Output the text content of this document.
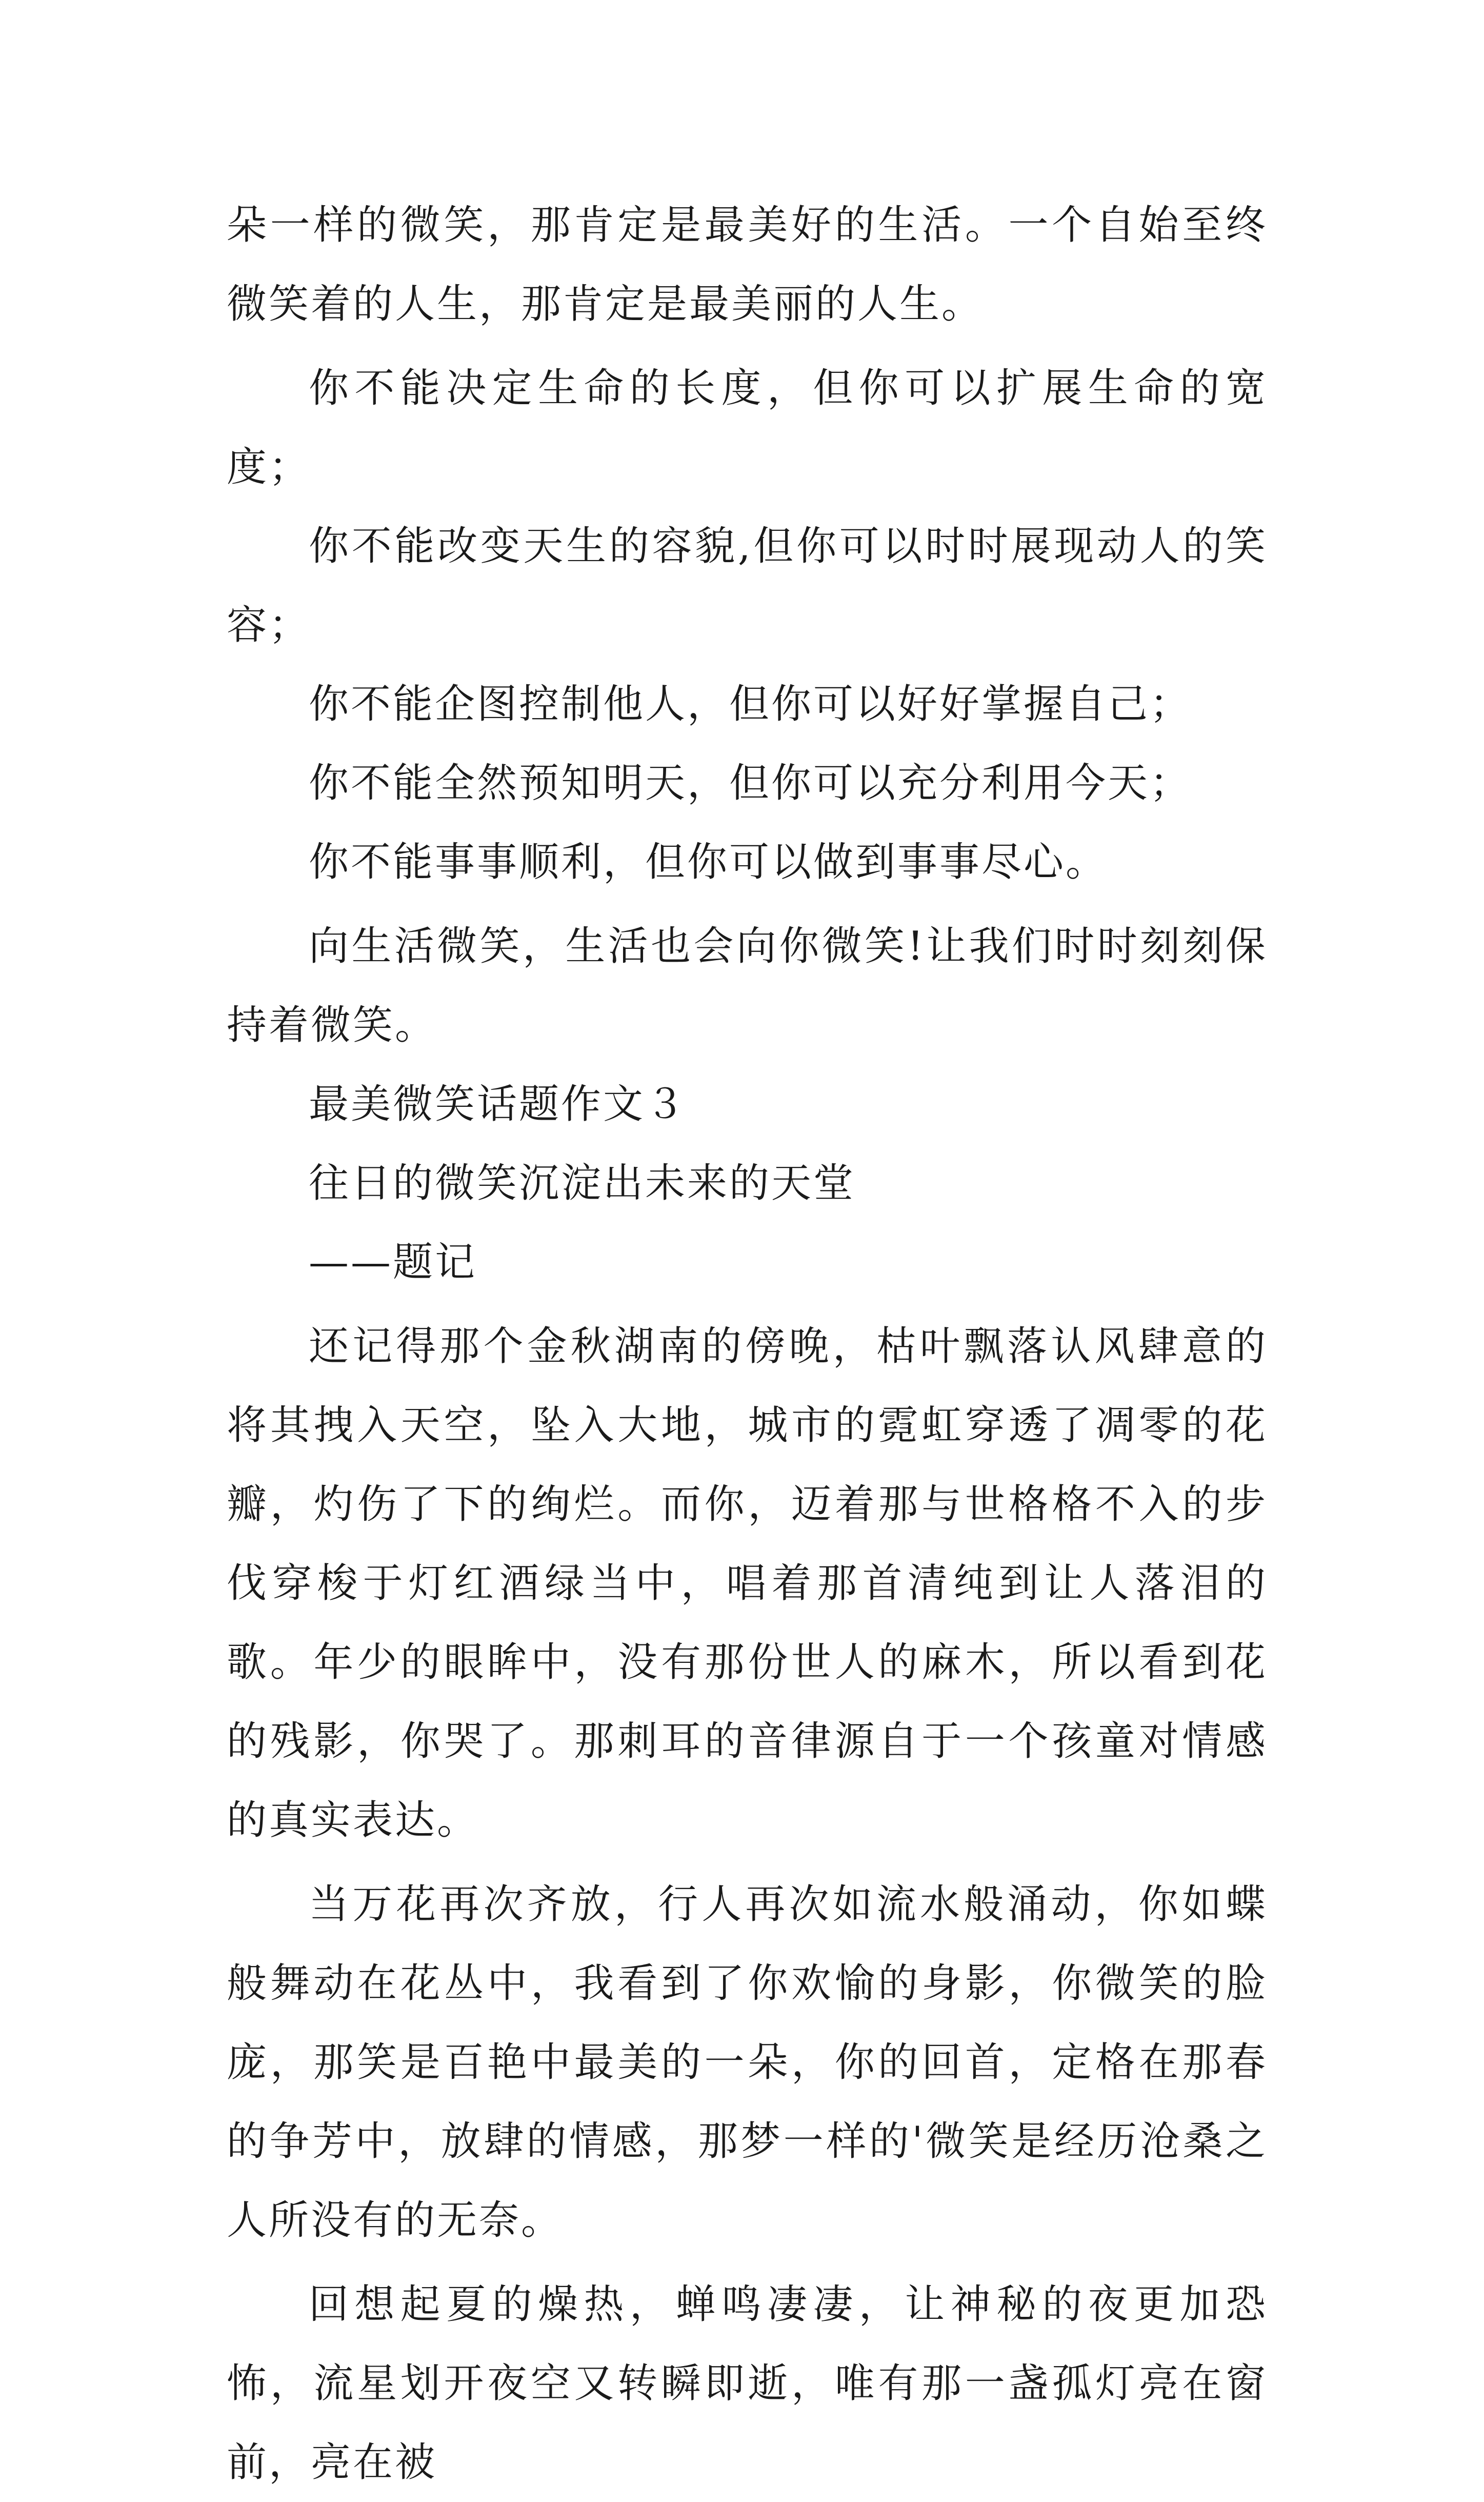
朵一样的微笑，那肯定是最美好的生活。一个自始至终微笑着的人生，那肯定是最美丽的人生。

你不能决定生命的长度，但你可以扩展生命的宽度；

你不能改变天生的容貌,但你可以时时展现动人的笑容；

你不能企图控制他人，但你可以好好掌握自己；

你不能全然预知明天，但你可以充分利用今天；

你不能事事顺利，但你可以做到事事尽心。

向生活微笑，生活也会向你微笑!让我们时时刻刻保持着微笑。

最美微笑话题作文３

往日的微笑沉淀出未来的天堂

——题记

还记得那个金秋湖南的傍晚，枯叶飘落认风肆意的将其拽入天空，坠入大地，城市的霓虹穿透了凋零的花瓣，灼伤了下的绚烂。而你，迈着那与世格格不入的步伐穿梭于灯红酒绿当中，唱着那首清纯到让人落泪的歌。年少的眼眸中，没有那份世人的麻木，所以看到花的残影，你哭了。那刺耳的音律源自于一个孩童对情感的真实表达。

当万花再次齐放，行人再次如流水般涌动，你如蝶般舞动在花丛中，我看到了你欢愉的身影，你微笑的脸庞，那笑是百艳中最美的一朵，你的回首，定格在那春的争芳中，放肆的情感，那梦一样的'微笑是经历沧桑之人所没有的无奈。

回想起夏的燥热，蝉鸣凄凄，让神秘的夜更加恐怖，流星划开夜空又转瞬即逝，唯有那一盏孤灯亮在窗前，亮在被
